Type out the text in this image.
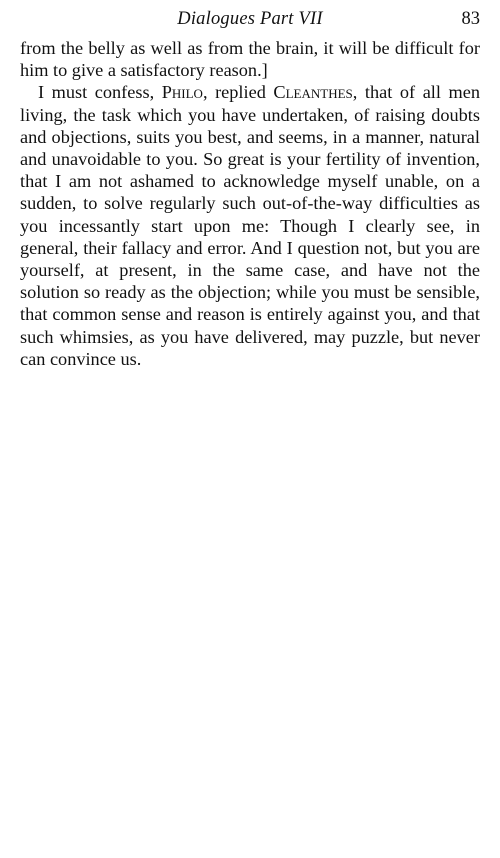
Dialogues Part VII	83

from the belly as well as from the brain, it will be difficult for him to give a satisfactory reason.]

I must confess, Philo, replied Cleanthes, that of all men living, the task which you have undertaken, of raising doubts and objections, suits you best, and seems, in a manner, natural and unavoidable to you. So great is your fertility of invention, that I am not ashamed to acknowledge myself unable, on a sudden, to solve regularly such out-of-the-way difficulties as you incessantly start upon me: Though I clearly see, in general, their fallacy and error. And I question not, but you are yourself, at present, in the same case, and have not the solution so ready as the objection; while you must be sensible, that common sense and reason is entirely against you, and that such whimsies, as you have delivered, may puzzle, but never can convince us.
